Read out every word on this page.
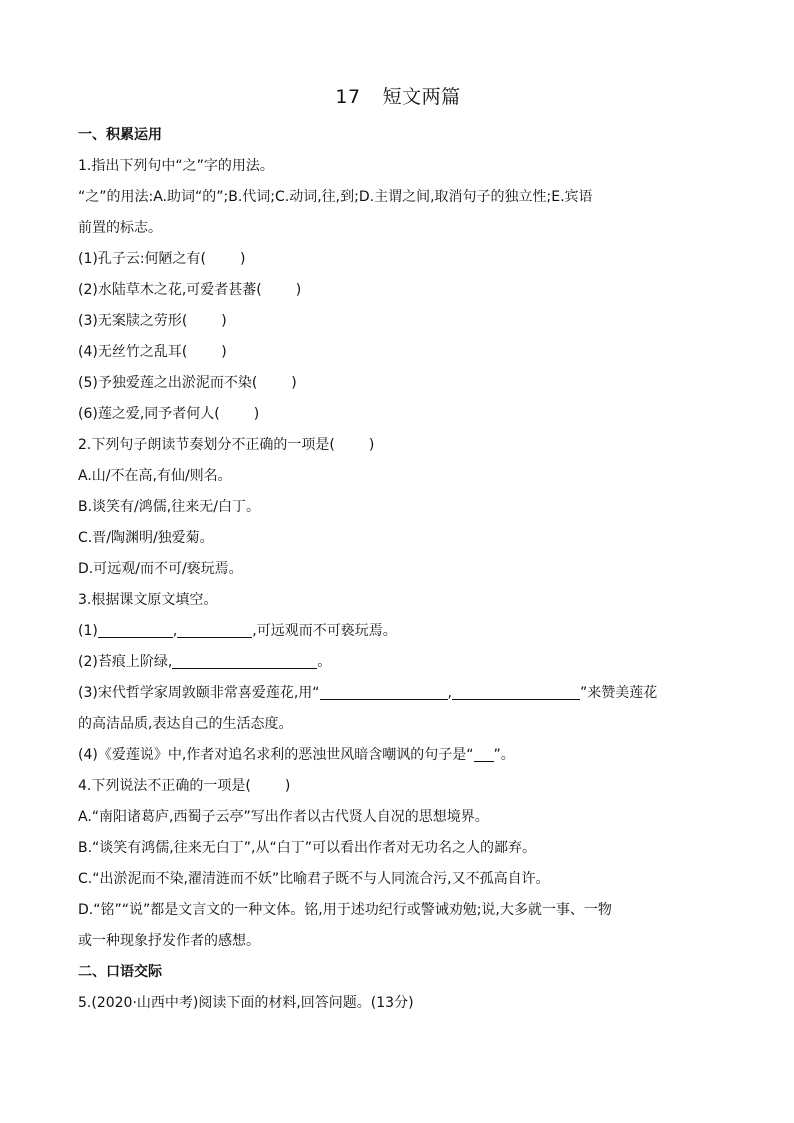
17 短文两篇
一、积累运用
1.指出下列句中“之”字的用法。
“之”的用法:A.助词“的”;B.代词;C.动词,往,到;D.主谓之间,取消句子的独立性;E.宾语
前置的标志。
(1)孔子云:何陋之有( )
(2)水陆草木之花,可爱者甚蕃( )
(3)无案牍之劳形( )
(4)无丝竹之乱耳( )
(5)予独爱莲之出淤泥而不染( )
(6)莲之爱,同予者何人( )
2.下列句子朗读节奏划分不正确的一项是( )
A.山/不在高,有仙/则名。
B.谈笑有/鸿儒,往来无/白丁。
C.晋/陶渊明/独爱菊。
D.可远观/而不可/亵玩焉。
3.根据课文原文填空。
(1)	,	,可远观而不可亵玩焉。
(2)苔痕上阶绿,	。
(3)宋代哲学家周敦颐非常喜爱莲花,用“	,	”来赞美莲花
的高洁品质,表达自己的生活态度。
(4)《爱莲说》中,作者对追名求利的恶浊世风暗含嘲讽的句子是“ ”。
4.下列说法不正确的一项是( )
A.“南阳诸葛庐,西蜀子云亭”写出作者以古代贤人自况的思想境界。
B.“谈笑有鸿儒,往来无白丁”,从“白丁”可以看出作者对无功名之人的鄙弃。
C.“出淤泥而不染,濯清涟而不妖”比喻君子既不与人同流合污,又不孤高自许。
D.“铭”“说”都是文言文的一种文体。铭,用于述功纪行或警诫劝勉;说,大多就一事、一物
或一种现象抒发作者的感想。
二、口语交际
5.(2020·山西中考)阅读下面的材料,回答问题。(13分)
